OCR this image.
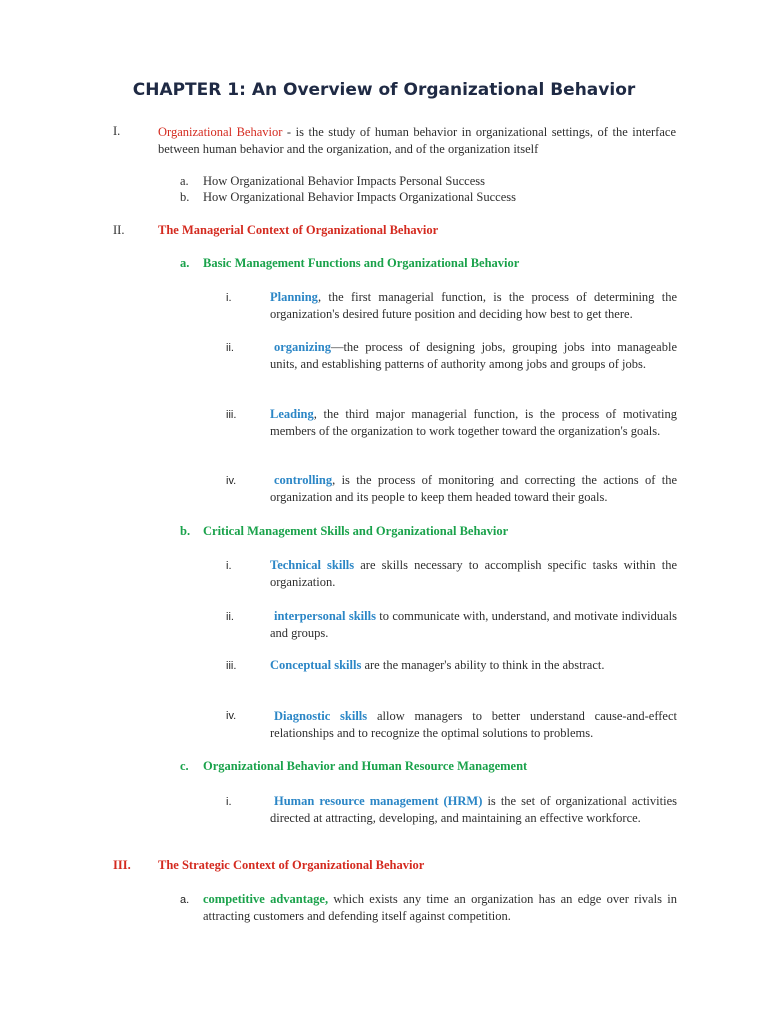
CHAPTER 1: An Overview of Organizational Behavior
I.	Organizational Behavior - is the study of human behavior in organizational settings, of the interface between human behavior and the organization, and of the organization itself
a. How Organizational Behavior Impacts Personal Success
b. How Organizational Behavior Impacts Organizational Success
II.	The Managerial Context of Organizational Behavior
a. Basic Management Functions and Organizational Behavior
i.	Planning, the first managerial function, is the process of determining the organization's desired future position and deciding how best to get there.
ii.	organizing—the process of designing jobs, grouping jobs into manageable units, and establishing patterns of authority among jobs and groups of jobs.
iii.	Leading, the third major managerial function, is the process of motivating members of the organization to work together toward the organization's goals.
iv.	controlling, is the process of monitoring and correcting the actions of the organization and its people to keep them headed toward their goals.
b. Critical Management Skills and Organizational Behavior
i.	Technical skills are skills necessary to accomplish specific tasks within the organization.
ii.	interpersonal skills to communicate with, understand, and motivate individuals and groups.
iii.	Conceptual skills are the manager's ability to think in the abstract.
iv.	Diagnostic skills allow managers to better understand cause-and-effect relationships and to recognize the optimal solutions to problems.
c. Organizational Behavior and Human Resource Management
i.	Human resource management (HRM) is the set of organizational activities directed at attracting, developing, and maintaining an effective workforce.
III. The Strategic Context of Organizational Behavior
a. competitive advantage, which exists any time an organization has an edge over rivals in attracting customers and defending itself against competition.
